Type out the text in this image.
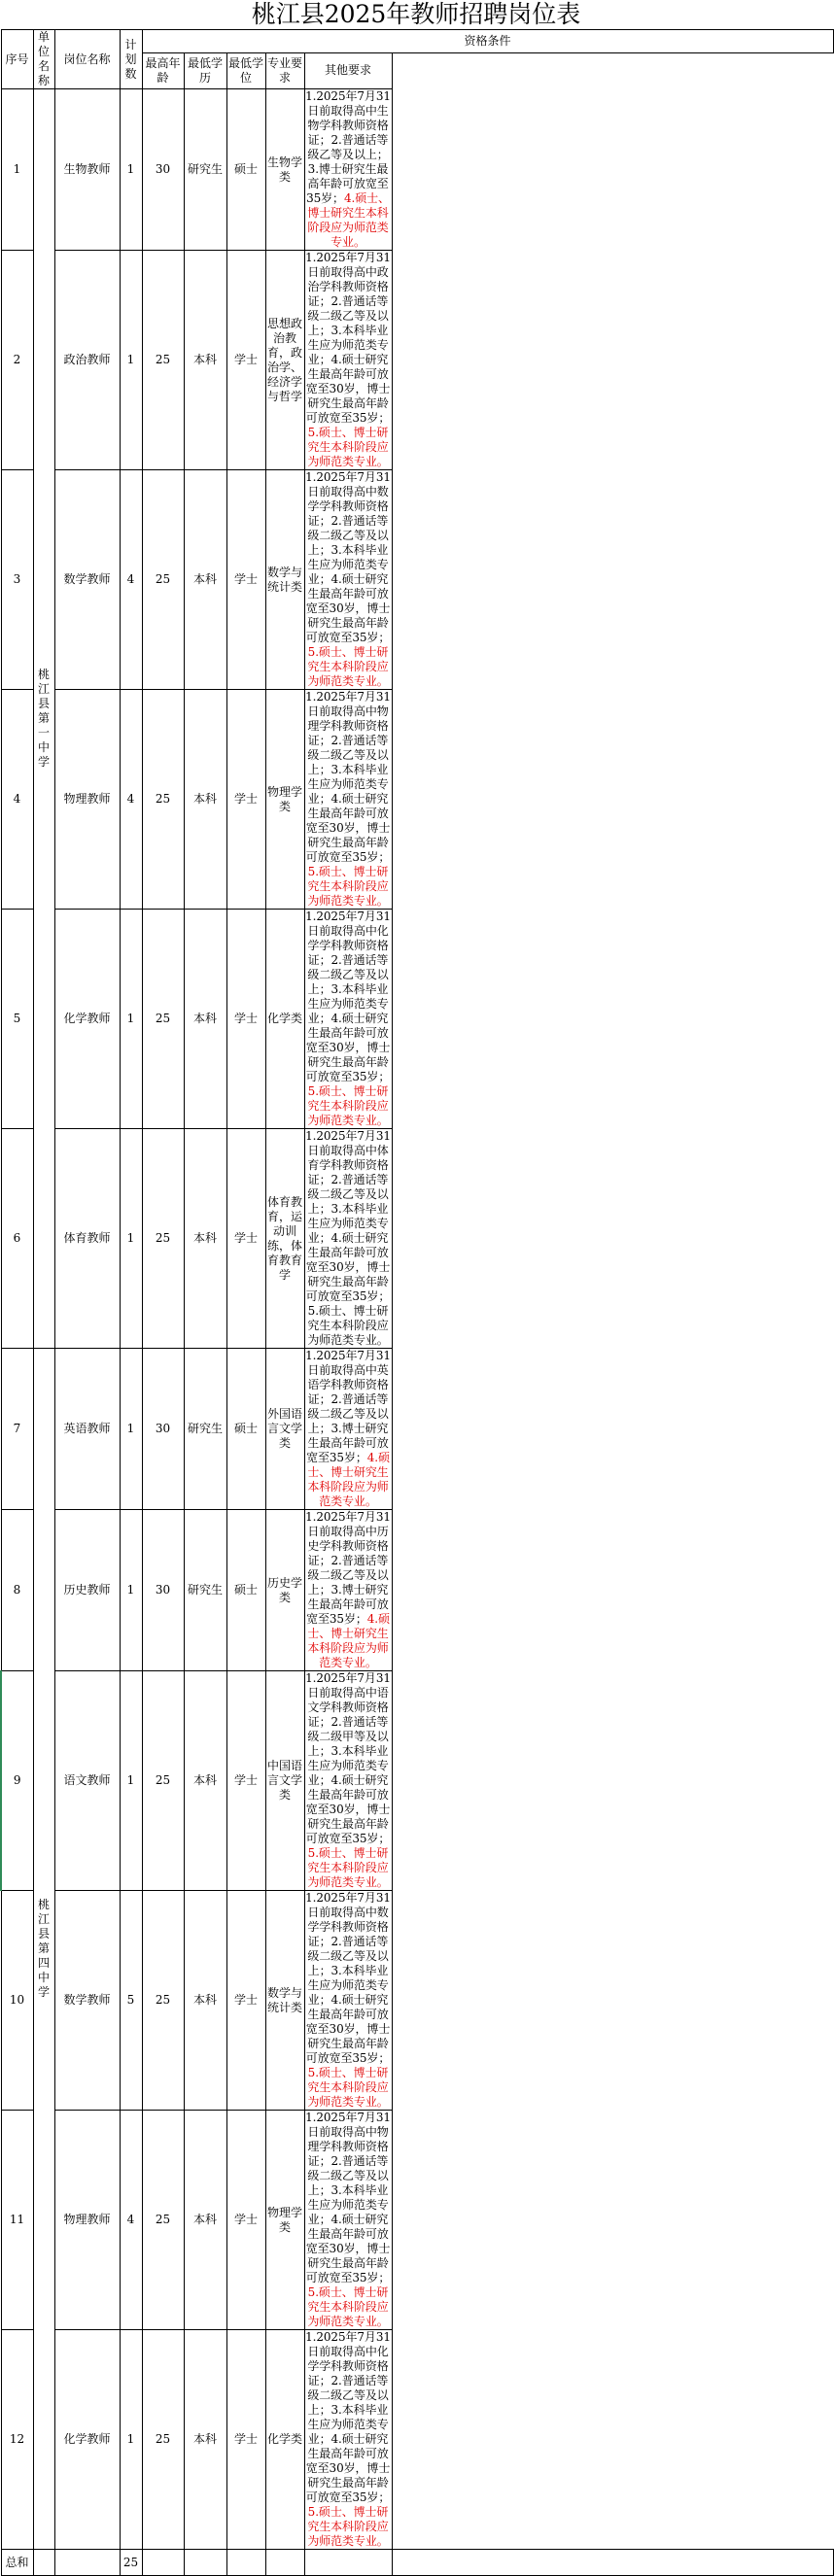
桃江县2025年教师招聘岗位表
序号	单位名称	岗位名称	计划数	资格条件					
				最高年龄	最低学历	最低学位	专业要求	其他要求	
1	桃江县第一中学	生物教师	1	30	研究生	硕士	生物学类	1.2025年7月31日前取得高中生物学科教师资格证；2.普通话等级乙等及以上；3.博士研究生最高年龄可放宽至35岁；4.硕士、博士研究生本科阶段应为师范类专业。	
2		政治教师	1	25	本科	学士	思想政治教育，政治学、经济学与哲学	1.2025年7月31日前取得高中政治学科教师资格证；2.普通话等级二级乙等及以上；3.本科毕业生应为师范类专业；4.硕士研究生最高年龄可放宽至30岁，博士研究生最高年龄可放宽至35岁；5.硕士、博士研究生本科阶段应为师范类专业。	
3		数学教师	4	25	本科	学士	数学与统计类	1.2025年7月31日前取得高中数学学科教师资格证；2.普通话等级二级乙等及以上；3.本科毕业生应为师范类专业；4.硕士研究生最高年龄可放宽至30岁，博士研究生最高年龄可放宽至35岁；5.硕士、博士研究生本科阶段应为师范类专业。	
4		物理教师	4	25	本科	学士	物理学类	1.2025年7月31日前取得高中物理学科教师资格证；2.普通话等级二级乙等及以上；3.本科毕业生应为师范类专业；4.硕士研究生最高年龄可放宽至30岁，博士研究生最高年龄可放宽至35岁；5.硕士、博士研究生本科阶段应为师范类专业。	
5		化学教师	1	25	本科	学士	化学类	1.2025年7月31日前取得高中化学学科教师资格证；2.普通话等级二级乙等及以上；3.本科毕业生应为师范类专业；4.硕士研究生最高年龄可放宽至30岁，博士研究生最高年龄可放宽至35岁；5.硕士、博士研究生本科阶段应为师范类专业。	
6		体育教师	1	25	本科	学士	体育教育，运动训练，体育教育学	1.2025年7月31日前取得高中体育学科教师资格证；2.普通话等级二级乙等及以上；3.本科毕业生应为师范类专业；4.硕士研究生最高年龄可放宽至30岁，博士研究生最高年龄可放宽至35岁；5.硕士、博士研究生本科阶段应为师范类专业。	
7	桃江县第四中学	英语教师	1	30	研究生	硕士	外国语言文学类	1.2025年7月31日前取得高中英语学科教师资格证；2.普通话等级二级乙等及以上；3.博士研究生最高年龄可放宽至35岁；4.硕士、博士研究生本科阶段应为师范类专业。	
8		历史教师	1	30	研究生	硕士	历史学类	1.2025年7月31日前取得高中历史学科教师资格证；2.普通话等级二级乙等及以上；3.博士研究生最高年龄可放宽至35岁；4.硕士、博士研究生本科阶段应为师范类专业。	
9		语文教师	1	25	本科	学士	中国语言文学类	1.2025年7月31日前取得高中语文学科教师资格证；2.普通话等级二级甲等及以上；3.本科毕业生应为师范类专业；4.硕士研究生最高年龄可放宽至30岁，博士研究生最高年龄可放宽至35岁；5.硕士、博士研究生本科阶段应为师范类专业。	
10		数学教师	5	25	本科	学士	数学与统计类	1.2025年7月31日前取得高中数学学科教师资格证；2.普通话等级二级乙等及以上；3.本科毕业生应为师范类专业；4.硕士研究生最高年龄可放宽至30岁，博士研究生最高年龄可放宽至35岁；5.硕士、博士研究生本科阶段应为师范类专业。	
11		物理教师	4	25	本科	学士	物理学类	1.2025年7月31日前取得高中物理学科教师资格证；2.普通话等级二级乙等及以上；3.本科毕业生应为师范类专业；4.硕士研究生最高年龄可放宽至30岁，博士研究生最高年龄可放宽至35岁；5.硕士、博士研究生本科阶段应为师范类专业。	
12		化学教师	1	25	本科	学士	化学类	1.2025年7月31日前取得高中化学学科教师资格证；2.普通话等级二级乙等及以上；3.本科毕业生应为师范类专业；4.硕士研究生最高年龄可放宽至30岁，博士研究生最高年龄可放宽至35岁；5.硕士、博士研究生本科阶段应为师范类专业。	
总和			25						
